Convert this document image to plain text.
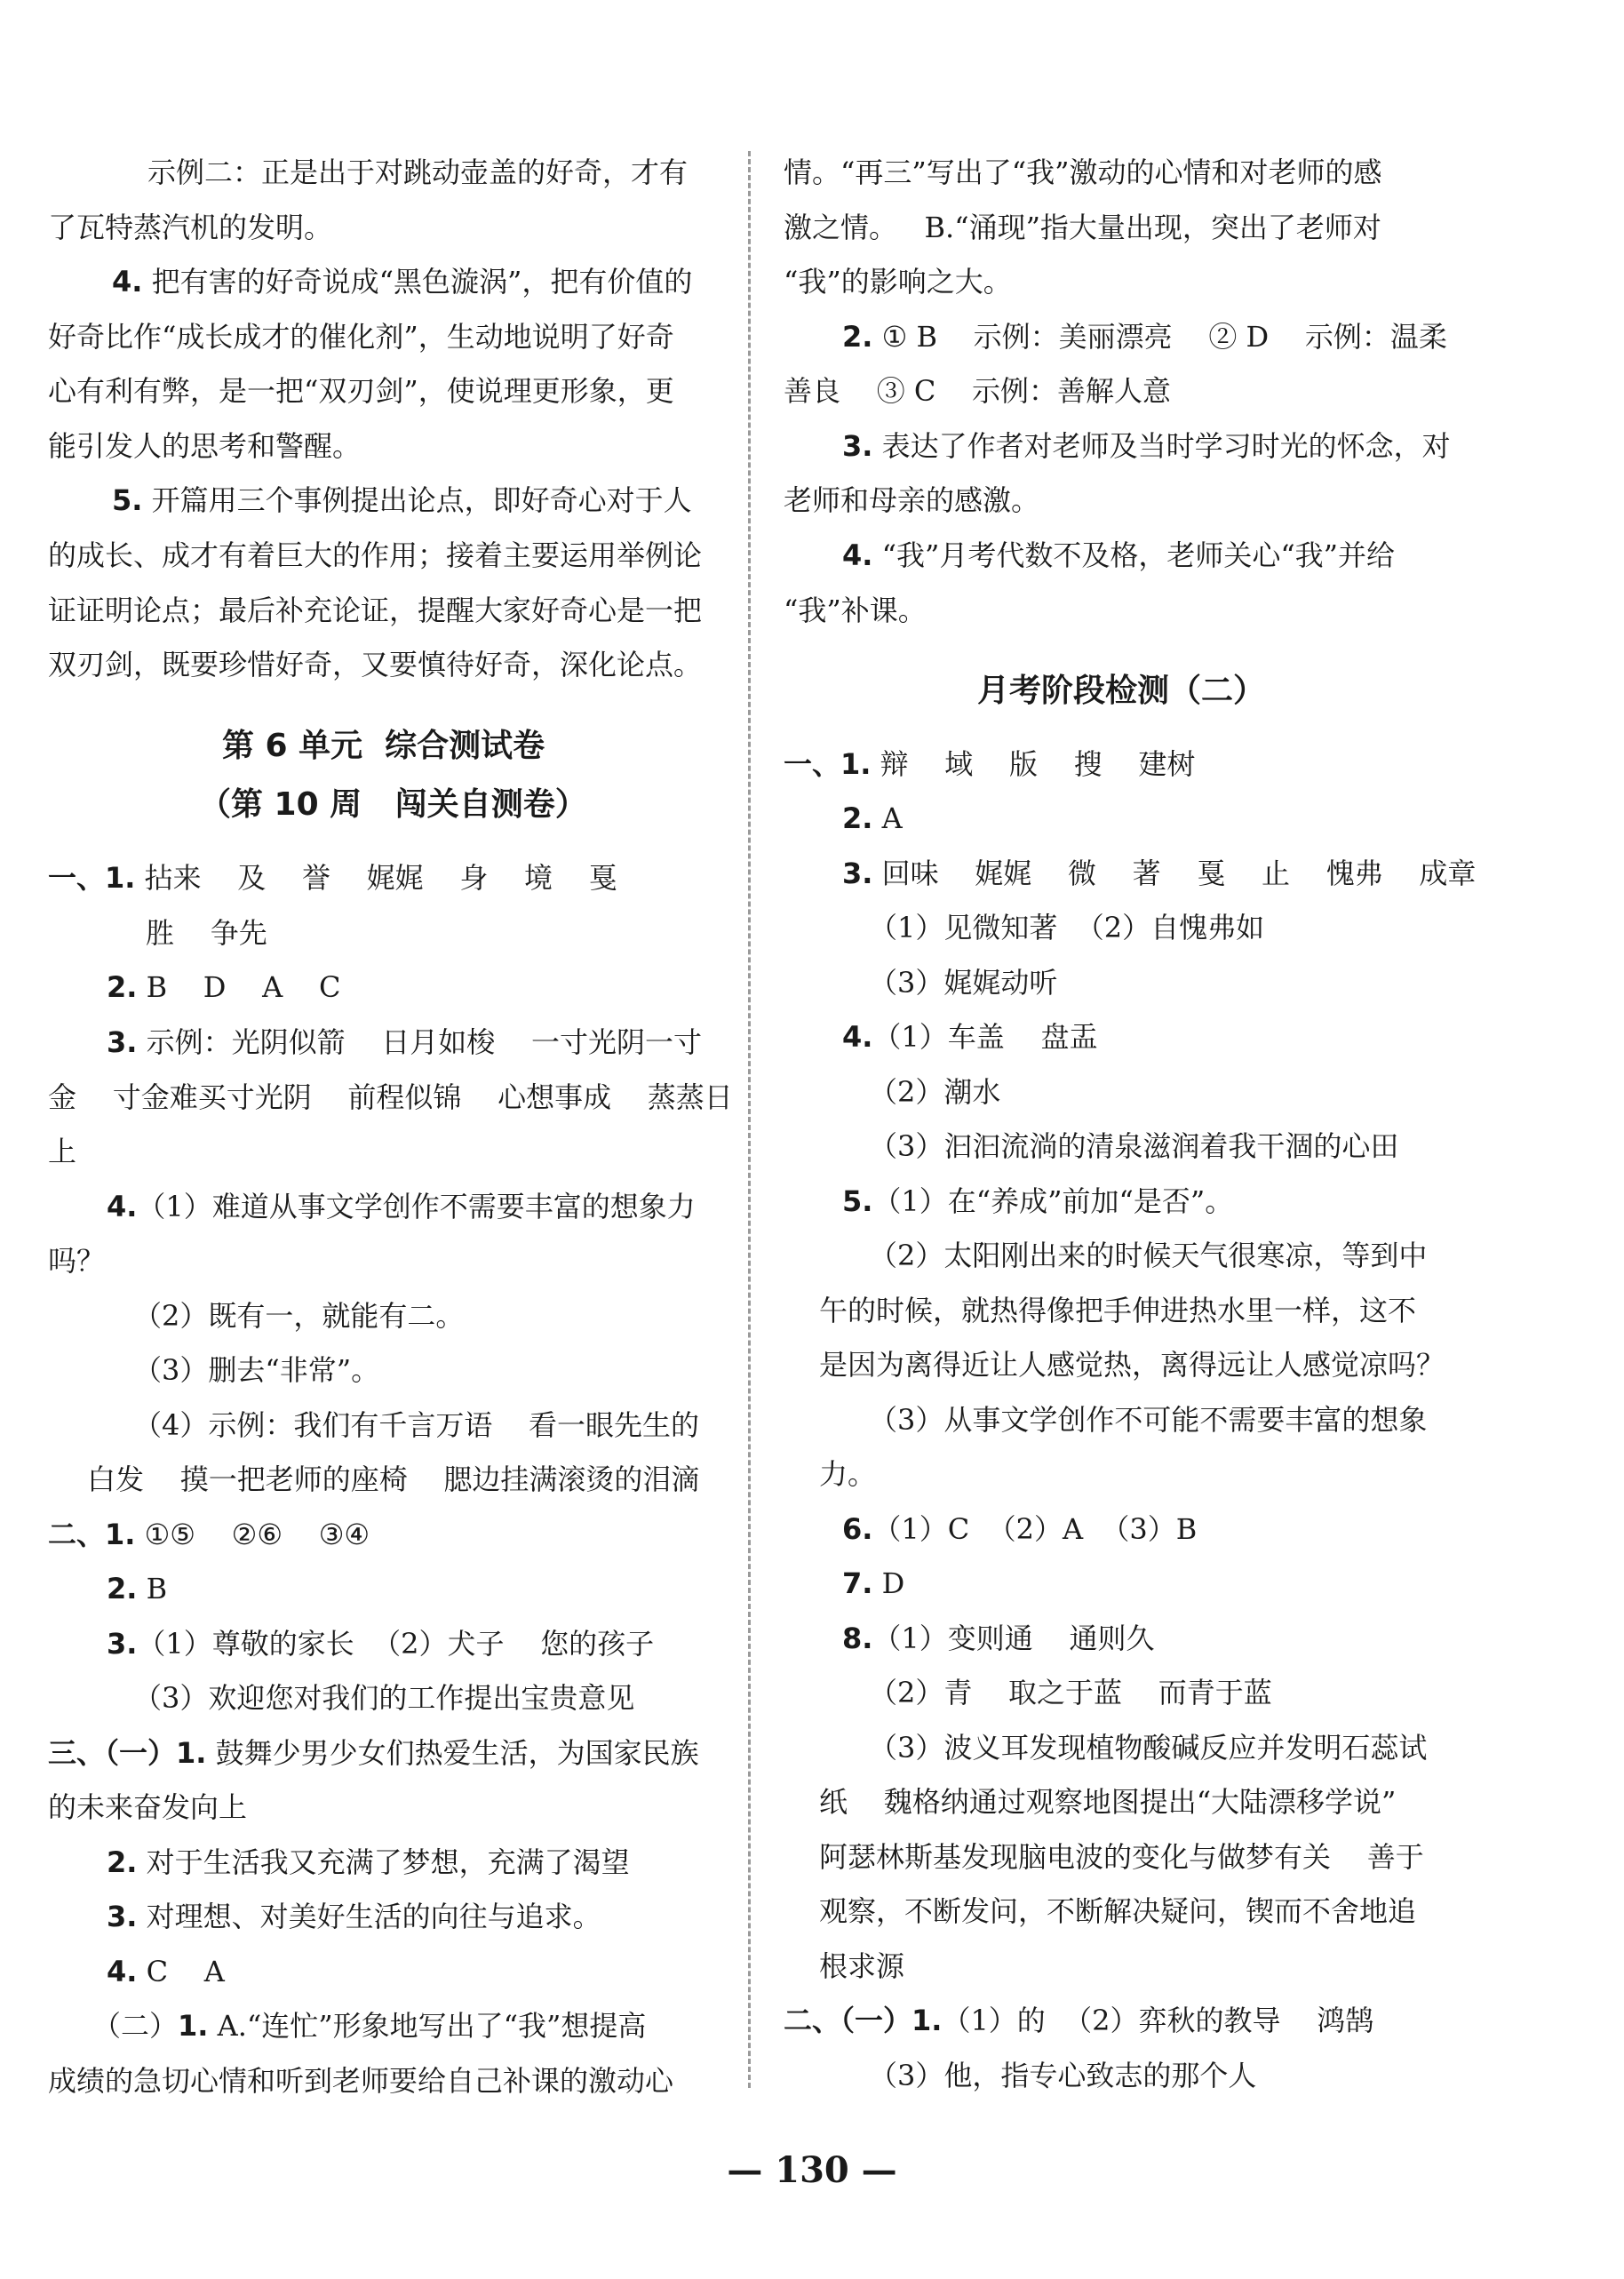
示例二：正是出于对跳动壶盖的好奇，才有
了瓦特蒸汽机的发明。
4. 把有害的好奇说成“黑色漩涡”，把有价值的
好奇比作“成长成才的催化剂”，生动地说明了好奇
心有利有弊，是一把“双刃剑”，使说理更形象，更
能引发人的思考和警醒。
5. 开篇用三个事例提出论点，即好奇心对于人
的成长、成才有着巨大的作用；接着主要运用举例论
证证明论点；最后补充论证，提醒大家好奇心是一把
双刃剑，既要珍惜好奇，又要慎待好奇，深化论点。
第 6 单元  综合测试卷
（第 10 周   闯关自测卷）
一、1. 拈来    及    誉    娓娓    身    境    戛
胜    争先
2. B    D    A    C
3. 示例：光阴似箭    日月如梭    一寸光阴一寸
金    寸金难买寸光阴    前程似锦    心想事成    蒸蒸日
上
4.（1）难道从事文学创作不需要丰富的想象力
吗？
（2）既有一，就能有二。
（3）删去“非常”。
（4）示例：我们有千言万语    看一眼先生的
白发    摸一把老师的座椅    腮边挂满滚烫的泪滴
二、1. ①⑤    ②⑥    ③④
2. B
3.（1）尊敬的家长  （2）犬子    您的孩子
（3）欢迎您对我们的工作提出宝贵意见
三、（一）1. 鼓舞少男少女们热爱生活，为国家民族
的未来奋发向上
2. 对于生活我又充满了梦想，充满了渴望
3. 对理想、对美好生活的向往与追求。
4. C    A
（二）1. A.“连忙”形象地写出了“我”想提高
成绩的急切心情和听到老师要给自己补课的激动心
情。“再三”写出了“我”激动的心情和对老师的感
激之情。   B.“涌现”指大量出现，突出了老师对
“我”的影响之大。
2. ① B    示例：美丽漂亮    ② D    示例：温柔
善良    ③ C    示例：善解人意
3. 表达了作者对老师及当时学习时光的怀念，对
老师和母亲的感激。
4. “我”月考代数不及格，老师关心“我”并给
“我”补课。
月考阶段检测（二）
一、1. 辩    域    版    搜    建树
2. A
3. 回味    娓娓    微    著    戛    止    愧弗    成章
（1）见微知著  （2）自愧弗如
（3）娓娓动听
4.（1）车盖    盘盂
（2）潮水
（3）汩汩流淌的清泉滋润着我干涸的心田
5.（1）在“养成”前加“是否”。
（2）太阳刚出来的时候天气很寒凉，等到中
午的时候，就热得像把手伸进热水里一样，这不
是因为离得近让人感觉热，离得远让人感觉凉吗？
（3）从事文学创作不可能不需要丰富的想象
力。
6.（1）C  （2）A  （3）B
7. D
8.（1）变则通    通则久
（2）青    取之于蓝    而青于蓝
（3）波义耳发现植物酸碱反应并发明石蕊试
纸    魏格纳通过观察地图提出“大陆漂移学说”
阿瑟林斯基发现脑电波的变化与做梦有关    善于
观察，不断发问，不断解决疑问，锲而不舍地追
根求源
二、（一）1.（1）的  （2）弈秋的教导    鸿鹄
（3）他，指专心致志的那个人
— 130 —
